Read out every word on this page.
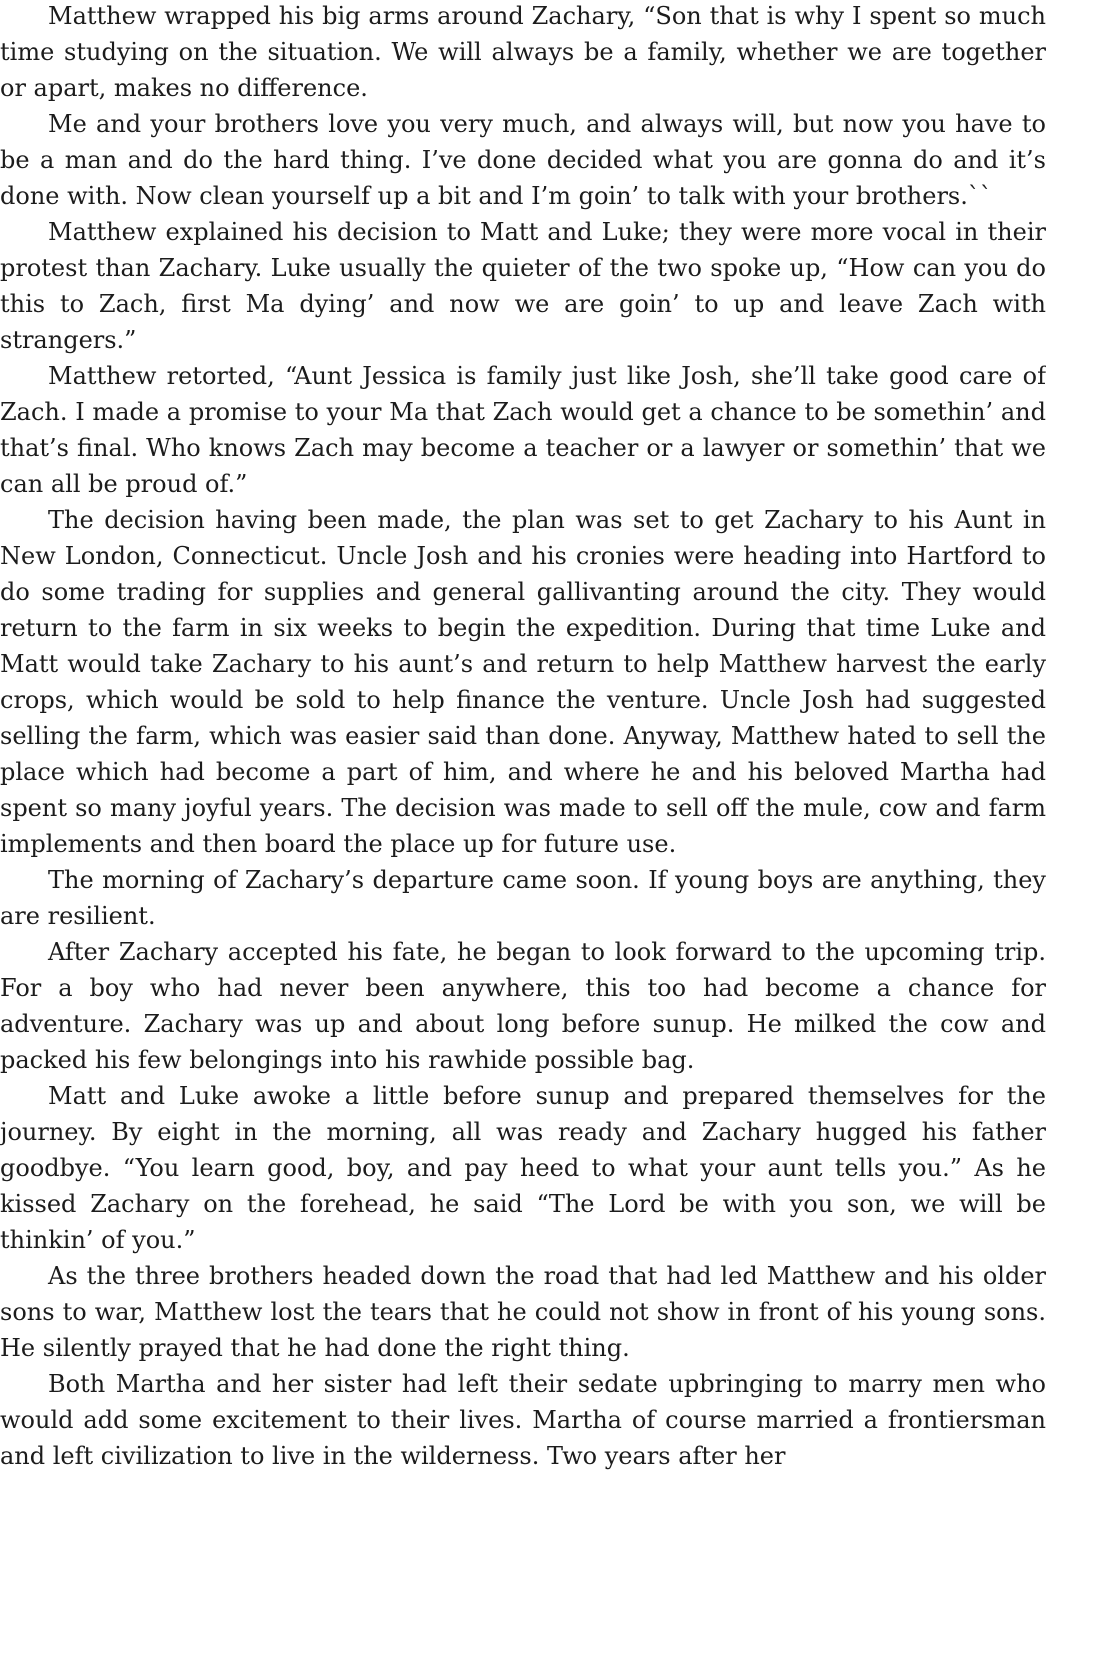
Matthew wrapped his big arms around Zachary, “Son that is why I spent so much time studying on the situation. We will always be a family, whether we are together or apart, makes no difference.

Me and your brothers love you very much, and always will, but now you have to be a man and do the hard thing. I’ve done decided what you are gonna do and it’s done with. Now clean yourself up a bit and I’m goin’ to talk with your brothers.``

Matthew explained his decision to Matt and Luke; they were more vocal in their protest than Zachary. Luke usually the quieter of the two spoke up, “How can you do this to Zach, first Ma dying’ and now we are goin’ to up and leave Zach with strangers.”

Matthew retorted, “Aunt Jessica is family just like Josh, she’ll take good care of Zach. I made a promise to your Ma that Zach would get a chance to be somethin’ and that’s final. Who knows Zach may become a teacher or a lawyer or somethin’ that we can all be proud of.”

The decision having been made, the plan was set to get Zachary to his Aunt in New London, Connecticut. Uncle Josh and his cronies were heading into Hartford to do some trading for supplies and general gallivanting around the city. They would return to the farm in six weeks to begin the expedition. During that time Luke and Matt would take Zachary to his aunt’s and return to help Matthew harvest the early crops, which would be sold to help finance the venture. Uncle Josh had suggested selling the farm, which was easier said than done. Anyway, Matthew hated to sell the place which had become a part of him, and where he and his beloved Martha had spent so many joyful years. The decision was made to sell off the mule, cow and farm implements and then board the place up for future use.

The morning of Zachary’s departure came soon. If young boys are anything, they are resilient.

After Zachary accepted his fate, he began to look forward to the upcoming trip. For a boy who had never been anywhere, this too had become a chance for adventure. Zachary was up and about long before sunup. He milked the cow and packed his few belongings into his rawhide possible bag.

Matt and Luke awoke a little before sunup and prepared themselves for the journey. By eight in the morning, all was ready and Zachary hugged his father goodbye. “You learn good, boy, and pay heed to what your aunt tells you.” As he kissed Zachary on the forehead, he said “The Lord be with you son, we will be thinkin’ of you.”

As the three brothers headed down the road that had led Matthew and his older sons to war, Matthew lost the tears that he could not show in front of his young sons. He silently prayed that he had done the right thing.

Both Martha and her sister had left their sedate upbringing to marry men who would add some excitement to their lives. Martha of course married a frontiersman and left civilization to live in the wilderness. Two years after her
